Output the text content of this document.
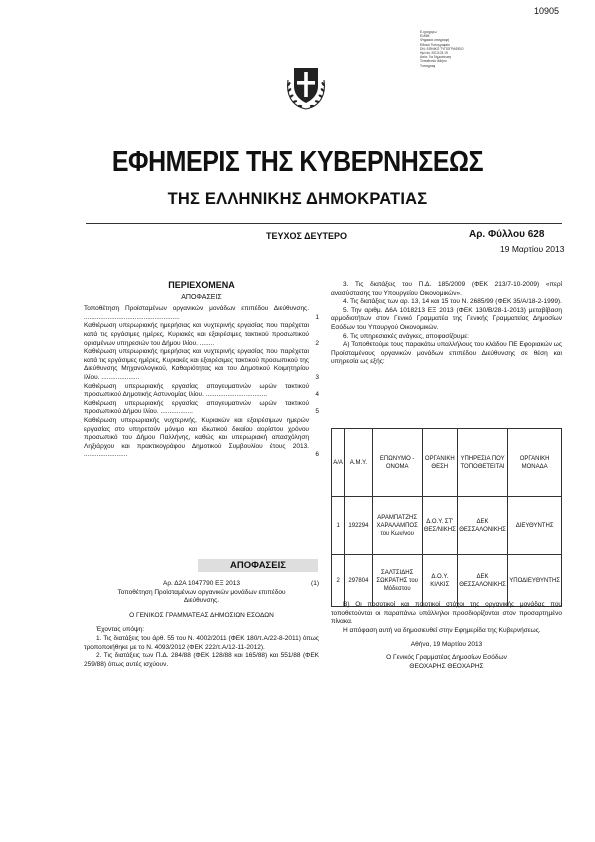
10905
Ε-ηροχορω
ΕλΜΜ
Ψηφιακά υπογραφή
Εθνικό Τυπογραφείο
DN: ΕΘΝΙΚΟ ΤΥΠΟΓΡΑΦΕΙΟ
Ημ/νία: 2013.03.19
Αιτία: Για δημοσίευση
Τοποθεσία: Αθήνα
Τυπογραφ
ΕΦΗΜΕΡΙΣ ΤΗΣ ΚΥΒΕΡΝΗΣΕΩΣ
ΤΗΣ ΕΛΛΗΝΙΚΗΣ ΔΗΜΟΚΡΑΤΙΑΣ
ΤΕΥΧΟΣ ΔΕΥΤΕΡΟ	Αρ. Φύλλου 628
19 Μαρτίου 2013
ΠΕΡΙΕΧΟΜΕΝΑ
ΑΠΟΦΑΣΕΙΣ
Τοποθέτηση Προϊσταμένων οργανικών μονάδων επιπέδου Διεύθυνσης. .....................................................	1
Καθιέρωση υπερωριακής ημερήσιας και νυχτερινής εργασίας που παρέχεται κατά τις εργάσιμες ημέρες, Κυριακές και εξαιρέσιμες τακτικού προσωπικού ορισμένων υπηρεσιών του Δήμου Ιλίου. ........	2
Καθιέρωση υπερωριακής ημερήσιας και νυχτερινής εργασίας που παρέχεται κατά τις εργάσιμες ημέρες, Κυριακές και εξαιρέσιμες τακτικού προσωπικού της Διεύθυνσης Μηχανολογικού, Καθαριότητας και του Δημοτικού Κοιμητηρίου Ιλίου. .....................	3
Καθιέρωση υπερωριακής εργασίας απογευματινών ωρών τακτικού προσωπικού Δημοτικής Αστυνομίας Ιλίου. ..................................	4
Καθιέρωση υπερωριακής εργασίας απογευματινών ωρών τακτικού προσωπικού Δήμου Ιλίου. ..................	5
Καθιέρωση υπερωριακής νυχτερινής, Κυριακών και εξαιρέσιμων ημερών εργασίας στο υπηρετούν μόνιμο και ιδιωτικού δικαίου αορίστου χρόνου προσωπικό του Δήμου Παλλήνης, καθώς και υπερωριακή απασχόληση Ληξιάρχου και πρακτικογράφου Δημοτικού Συμβουλίου έτους 2013. ........................	6
ΑΠΟΦΑΣΕΙΣ
Αρ. Δ2Α 1047790 ΕΞ 2013	(1)
Τοποθέτηση Προϊσταμένων οργανικών μονάδων επιπέδου Διεύθυνσης.
Ο ΓΕΝΙΚΟΣ ΓΡΑΜΜΑΤΕΑΣ ΔΗΜΟΣΙΩΝ ΕΣΟΔΩΝ

Έχοντας υπόψη:

1. Τις διατάξεις του άρθ. 55 του Ν. 4002/2011 (ΦΕΚ 180/τ.Α/22-8-2011) όπως τροποποιήθηκε με το Ν. 4093/2012 (ΦΕΚ 222/τ.Α/12-11-2012).

2. Τις διατάξεις των Π.Δ. 284/88 (ΦΕΚ 128/88 και 165/88) και 551/88 (ΦΕΚ 259/88) όπως αυτές ισχύουν.

3. Τις διατάξεις του Π.Δ. 185/2009 (ΦΕΚ 213/7-10-2009) «περί ανασύστασης του Υπουργείου Οικονομικών».

4. Τις διατάξεις των αρ. 13, 14 και 15 του Ν. 2685/99 (ΦΕΚ 35/Α/18-2-1999).

5. Την αριθμ. Δ6Α 1018213 ΕΞ 2013 (ΦΕΚ 130/Β/28-1-2013) μεταβίβαση αρμοδιοτήτων στον Γενικό Γραμματέα της Γενικής Γραμματείας Δημοσίων Εσόδων του Υπουργού Οικονομικών.

6. Τις υπηρεσιακές ανάγκες, αποφασίζουμε:

Α) Τοποθετούμε τους παρακάτω υπαλλήλους του κλάδου ΠΕ Εφοριακών ως Προϊσταμένους οργανικών μονάδων επιπέδου Διεύθυνσης σε θέση και υπηρεσία ως εξής:

Α/Α	Α.Μ.Υ.	ΕΠΩΝΥΜΟ - ΟΝΟΜΑ	ΟΡΓΑΝΙΚΗ ΘΕΣΗ	ΥΠΗΡΕΣΙΑ ΠΟΥ ΤΟΠΟΘΕΤΕΙΤΑΙ	ΟΡΓΑΝΙΚΗ ΜΟΝΑΔΑ
1	192294	ΑΡΑΜΠΑΤΖΗΣ ΧΑΡΑΛΑΜΠΟΣ του Κων/νου	Δ.Ο.Υ. ΣΤ' ΘΕΣ/ΝΙΚΗΣ	ΔΕΚ ΘΕΣΣΑΛΟΝΙΚΗΣ	ΔΙΕΥΘΥΝΤΗΣ
2	297804	ΣΑΛΤΣΙΔΗΣ ΣΩΚΡΑΤΗΣ του Μόδεστου	Δ.Ο.Υ. ΚΙΛΚΙΣ	ΔΕΚ ΘΕΣΣΑΛΟΝΙΚΗΣ	ΥΠΟΔΙΕΥΘΥΝΤΗΣ

Β) Οι ποσοτικοί και ποιοτικοί στόχοι της οργανικής μονάδας που τοποθετούνται οι παραπάνω υπάλληλοι προσδιορίζονται στον προσαρτημένο πίνακα.

Η απόφαση αυτή να δημοσιευθεί στην Εφημερίδα της Κυβερνήσεως.

Αθήνα, 19 Μαρτίου 2013
Ο Γενικός Γραμματέας Δημοσίων Εσόδων
ΘΕΟΧΑΡΗΣ ΘΕΟΧΑΡΗΣ
